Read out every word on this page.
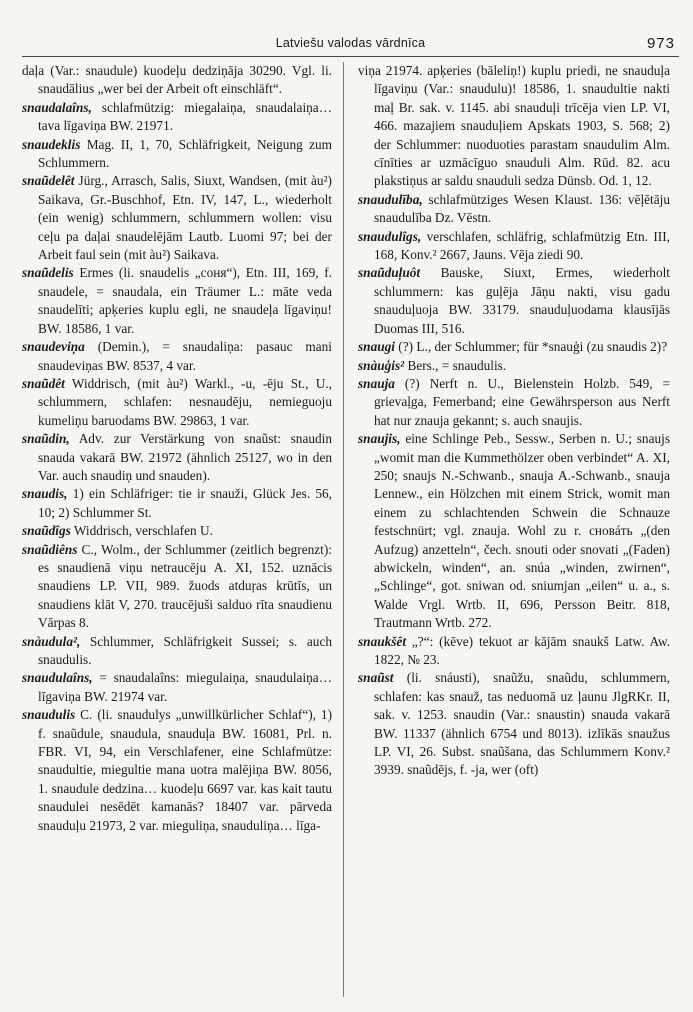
Latviešu valodas vārdnīca	973
daļa (Var.: snaudule) kuodeļu dedziņāja 30290. Vgl. li. snaudālius „wer bei der Arbeit oft einschläft“.
snaudalaîns, schlafmützig: miegalaiņa, snaudalaiņa… tava līgaviņa BW. 21971.
snaudeklis Mag. II, 1, 70, Schläfrigkeit, Neigung zum Schlummern.
snaũdelêt Jürg., Arrasch, Salis, Siuxt, Wandsen, (mit àu²) Saikava, Gr.-Buschhof, Etn. IV, 147, L., wiederholt (ein wenig) schlummern, schlummern wollen: visu ceļu pa daļai snaudelējām Lautb. Luomi 97; bei der Arbeit faul sein (mit àu²) Saikava.
snaũdelis Ermes (li. snaudelis „соня“), Etn. III, 169, f. snaudele, = snaudala, ein Träumer L.: māte veda snaudelīti; apķeries kuplu egli, ne snaudeļa līgaviņu! BW. 18586, 1 var.
snaudeviņa (Demin.), = snaudaliņa: pasauc mani snaudeviņas BW. 8537, 4 var.
snaũdêt Widdrisch, (mit àu²) Warkl., -u, -ēju St., U., schlummern, schlafen: nesnaudēju, nemieguoju kumeliņu baruodams BW. 29863, 1 var.
snaũdin, Adv. zur Verstärkung von snaũst: snaudin snauda vakarā BW. 21972 (ähnlich 25127, wo in den Var. auch snaudiņ und snauden).
snaudis, 1) ein Schläfriger: tie ir snauži, Glück Jes. 56, 10; 2) Schlummer St.
snaũdîgs Widdrisch, verschlafen U.
snaũdiêns C., Wolm., der Schlummer (zeitlich begrenzt): es snaudienā viņu netraucēju A. XI, 152. uznācis snaudiens LP. VII, 989. žuods atduŗas krūtīs, un snaudiens klāt V, 270. traucējuši salduo rīta snaudienu Vārpas 8.
snàudula², Schlummer, Schläfrigkeit Sussei; s. auch snaudulis.
snaudulaîns, = snaudalaîns: miegulaiņa, snaudulaiņa… līgaviņa BW. 21974 var.
snaudulis C. (li. snaudulys „unwillkürlicher Schlaf“), 1) f. snaũdule, snaudula, snauduļa BW. 16081, Prl. n. FBR. VI, 94, ein Verschlafener, eine Schlafmütze: snaudultie, miegultie mana uotra malējiņa BW. 8056, 1. snaudule dedzina… kuodeļu 6697 var. kas kait tautu snaudulei nesēdēt kamanās? 18407 var. pārveda snauduļu 21973, 2 var. mieguliņa, snauduliņa… līga-
viņa 21974. apķeries (bāleliņ!) kuplu priedi, ne snauduļa līgaviņu (Var.: snaudulu)! 18586, 1. snaudultie nakti maļ Br. sak. v. 1145. abi snauduļi trīcēja vien LP. VI, 466. mazajiem snauduļiem Apskats 1903, S. 568; 2) der Schlummer: nuoduoties parastam snaudulim Alm. cīnīties ar uzmācīguo snauduli Alm. Rūd. 82. acu plakstiņus ar saldu snauduli sedza Dünsb. Od. 1, 12.
snaudulība, schlafmütziges Wesen Klaust. 136: vēļētāju snaudulība Dz. Vēstn.
snaudulîgs, verschlafen, schläfrig, schlafmützig Etn. III, 168, Konv.² 2667, Jauns. Vēja ziedi 90.
snaũduļuôt Bauske, Siuxt, Ermes, wiederholt schlummern: kas guļēja Jāņu nakti, visu gadu snauduļuoja BW. 33179. snauduļuodama klausījās Duomas III, 516.
snaugi (?) L., der Schlummer; für *snauģi (zu snaudis 2)?
snàuģis² Bers., = snaudulis.
snauja (?) Nerft n. U., Bielenstein Holzb. 549, = grievaļga, Femerband; eine Gewährsperson aus Nerft hat nur znauja gekannt; s. auch snaujis.
snaujis, eine Schlinge Peb., Sessw., Serben n. U.; snaujs „womit man die Kummethölzer oben verbindet“ A. XI, 250; snaujs N.-Schwanb., snauja A.-Schwanb., snauja Lennew., ein Hölzchen mit einem Strick, womit man einem zu schlachtenden Schwein die Schnauze festschnürt; vgl. znauja. Wohl zu r. сновáть „(den Aufzug) anzetteln“, čech. snouti oder snovati „(Faden) abwickeln, winden“, an. snúa „winden, zwirnen“, „Schlinge“, got. sniwan od. sniumjan „eilen“ u. a., s. Walde Vrgl. Wrtb. II, 696, Persson Beitr. 818, Trautmann Wrtb. 272.
snaukšêt „?“: (kēve) tekuot ar kājām snaukš Latw. Aw. 1822, № 23.
snaũst (li. snáusti), snaũžu, snaũdu, schlummern, schlafen: kas snauž, tas neduomā uz ļaunu JlgRKr. II, sak. v. 1253. snaudin (Var.: snaustin) snauda vakarā BW. 11337 (ähnlich 6754 und 8013). izlīkās snaužus LP. VI, 26. Subst. snaũšana, das Schlummern Konv.² 3939. snaũdējs, f. -ja, wer (oft)
